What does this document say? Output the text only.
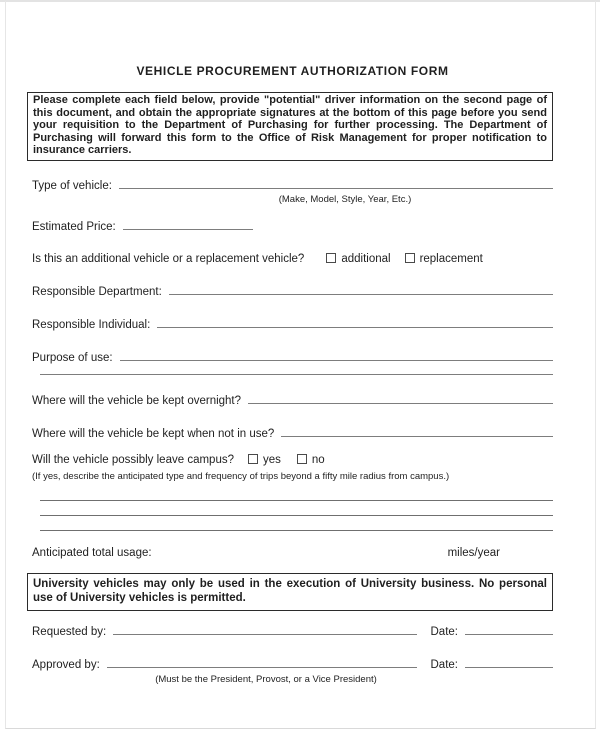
VEHICLE PROCUREMENT AUTHORIZATION FORM
Please complete each field below, provide "potential" driver information on the second page of this document, and obtain the appropriate signatures at the bottom of this page before you send your requisition to the Department of Purchasing for further processing. The Department of Purchasing will forward this form to the Office of Risk Management for proper notification to insurance carriers.
Type of vehicle:
(Make, Model, Style, Year, Etc.)
Estimated Price:
Is this an additional vehicle or a replacement vehicle?	additional	replacement
Responsible Department:
Responsible Individual:
Purpose of use:
Where will the vehicle be kept overnight?
Where will the vehicle be kept when not in use?
Will the vehicle possibly leave campus?	yes	no
(If yes, describe the anticipated type and frequency of trips beyond a fifty mile radius from campus.)
Anticipated total usage:	miles/year
University vehicles may only be used in the execution of University business. No personal use of University vehicles is permitted.
Requested by:	Date:
Approved by:	Date:
(Must be the President, Provost, or a Vice President)
